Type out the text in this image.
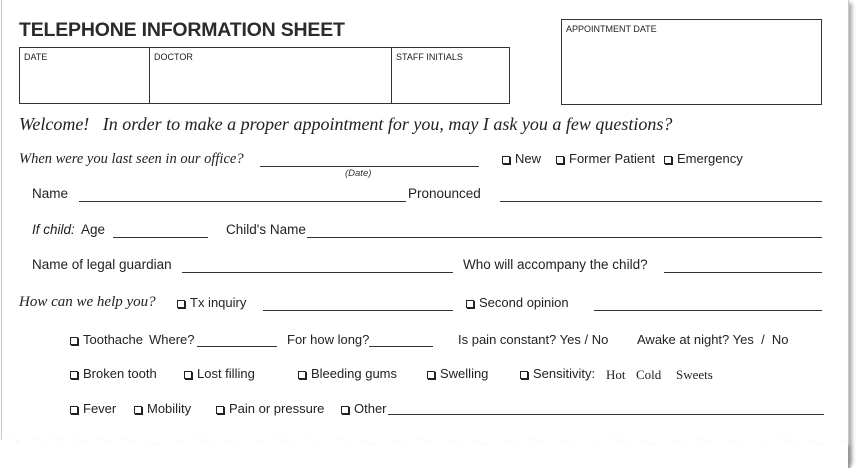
TELEPHONE INFORMATION SHEET
DATE	DOCTOR	STAFF INITIALS
APPOINTMENT DATE
Welcome!   In order to make a proper appointment for you, may I ask you a few questions?
When were you last seen in our office?
(Date)
New	Former Patient	Emergency
Name	Pronounced
If child: Age	Child's Name
Name of legal guardian	Who will accompany the child?
How can we help you?	Tx inquiry	Second opinion
Toothache Where?	For how long?	Is pain constant? Yes / No Awake at night? Yes  /  No
Broken tooth	Lost filling	Bleeding gums	Swelling	Sensitivity: Hot Cold Sweets
Fever	Mobility	Pain or pressure	Other
